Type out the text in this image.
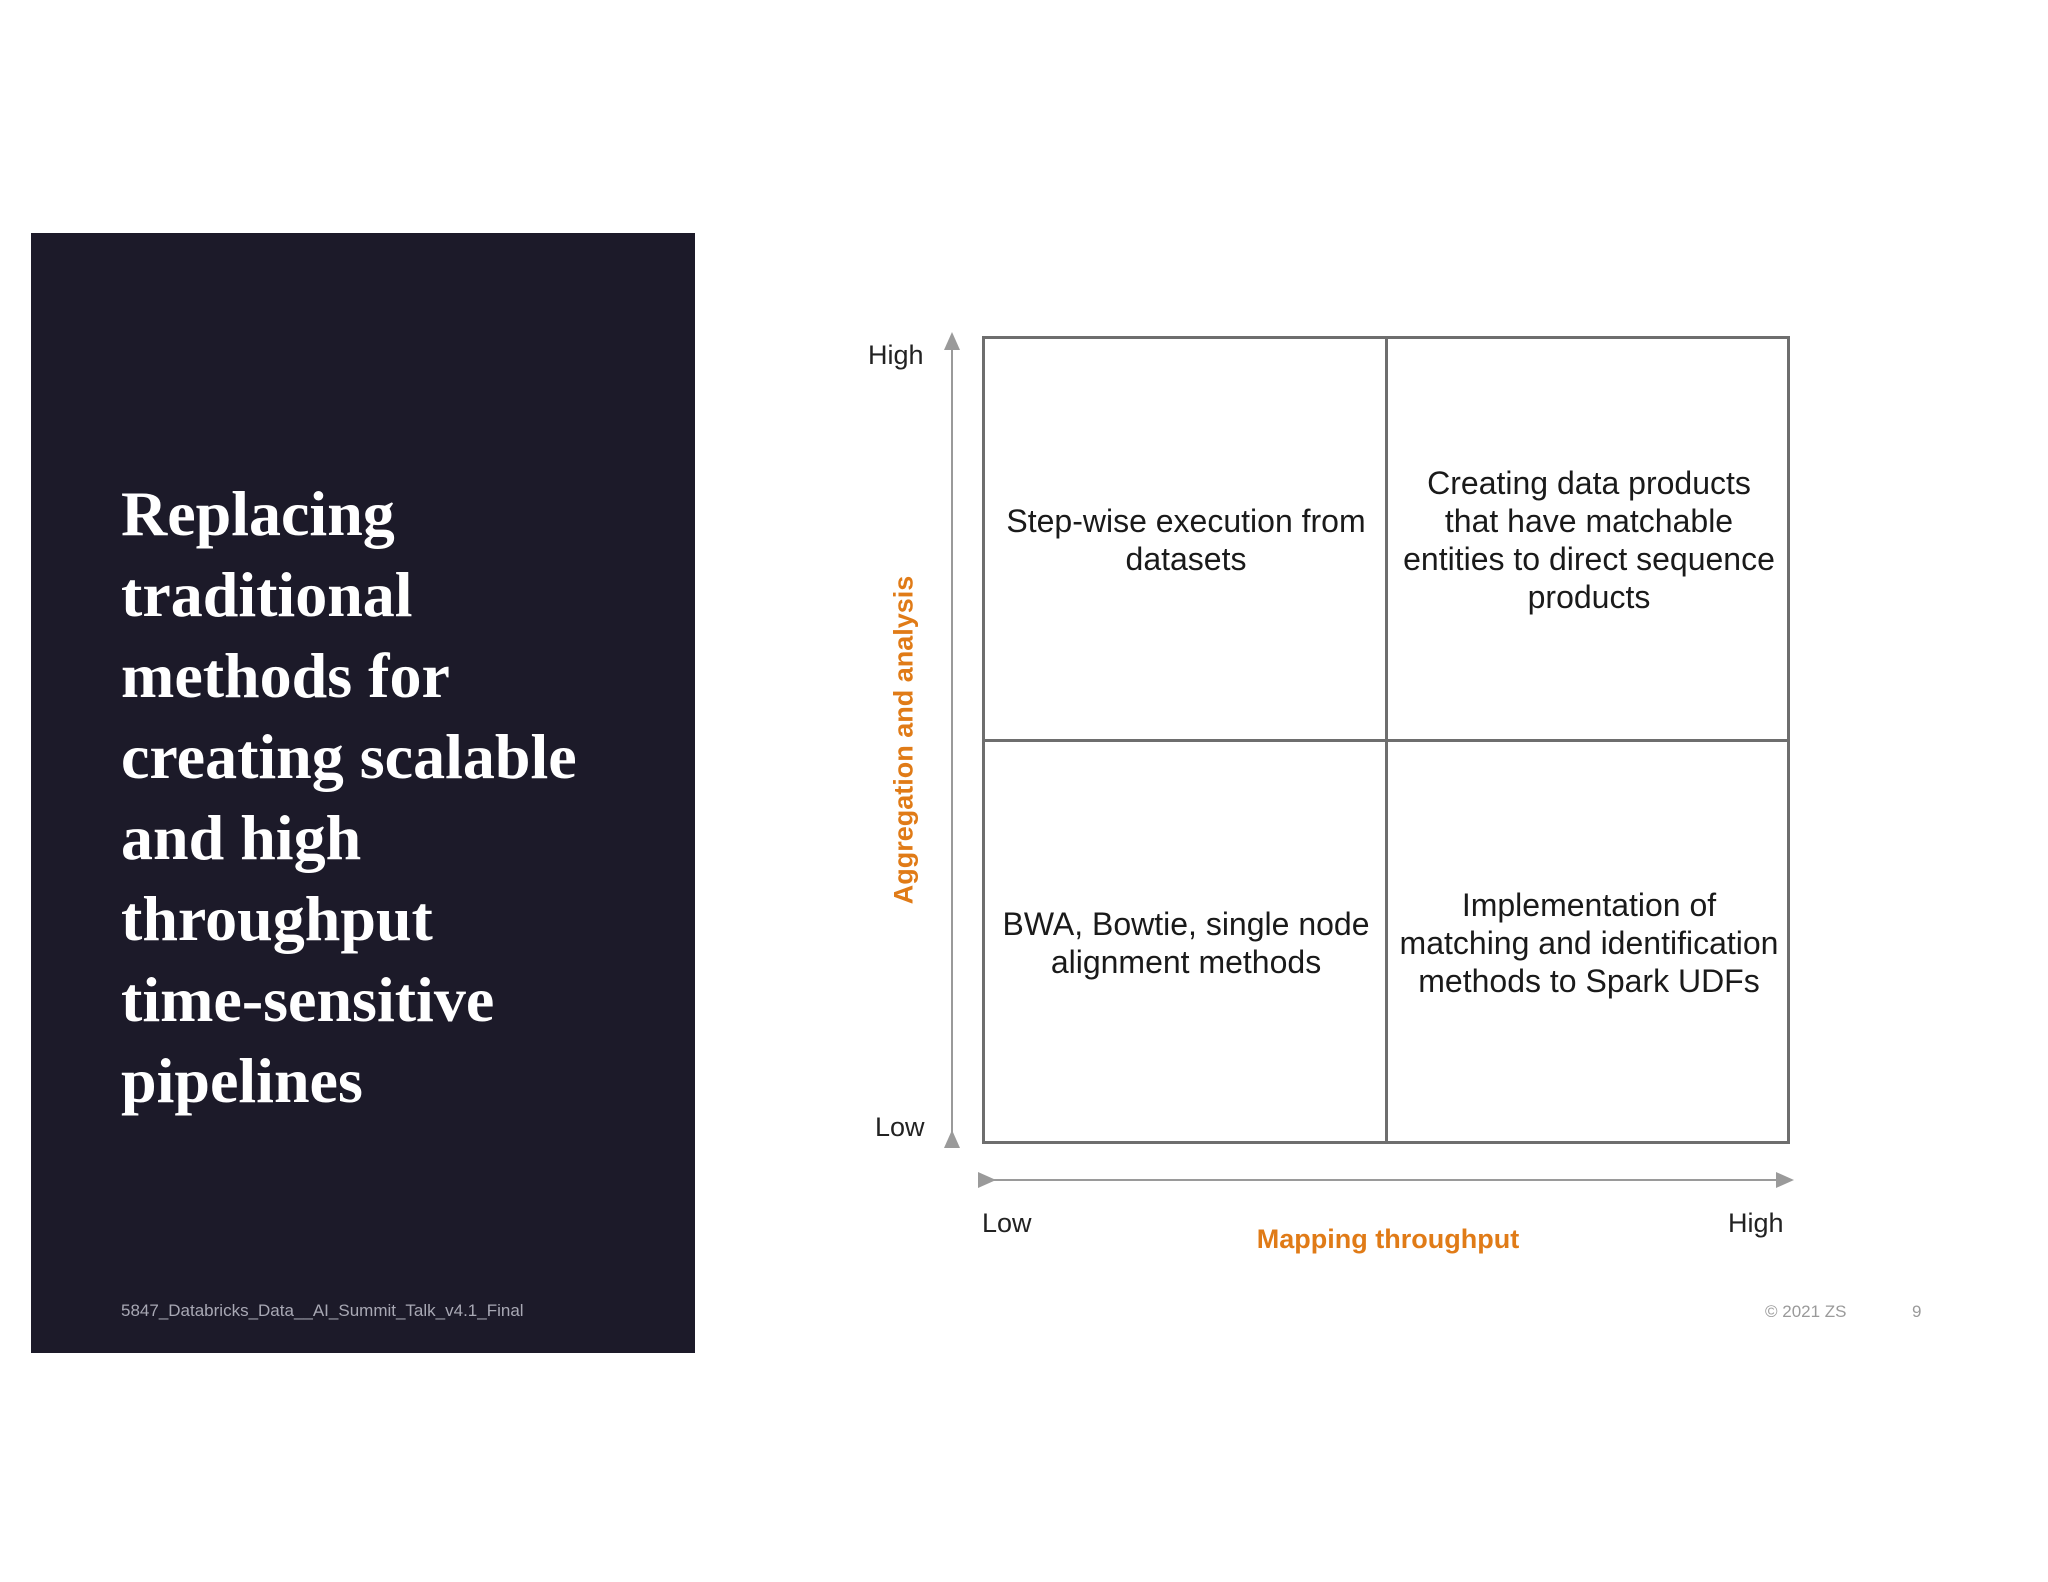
Replacing
traditional
methods for
creating scalable
and high
throughput
time-sensitive
pipelines
5847_Databricks_Data__AI_Summit_Talk_v4.1_Final
High
Low
Aggregation and analysis
Low
Mapping throughput
High
Step-wise execution from datasets
Creating data products that have matchable entities to direct sequence products
BWA, Bowtie, single node alignment methods
Implementation of matching and identification methods to Spark UDFs
© 2021 ZS	9
